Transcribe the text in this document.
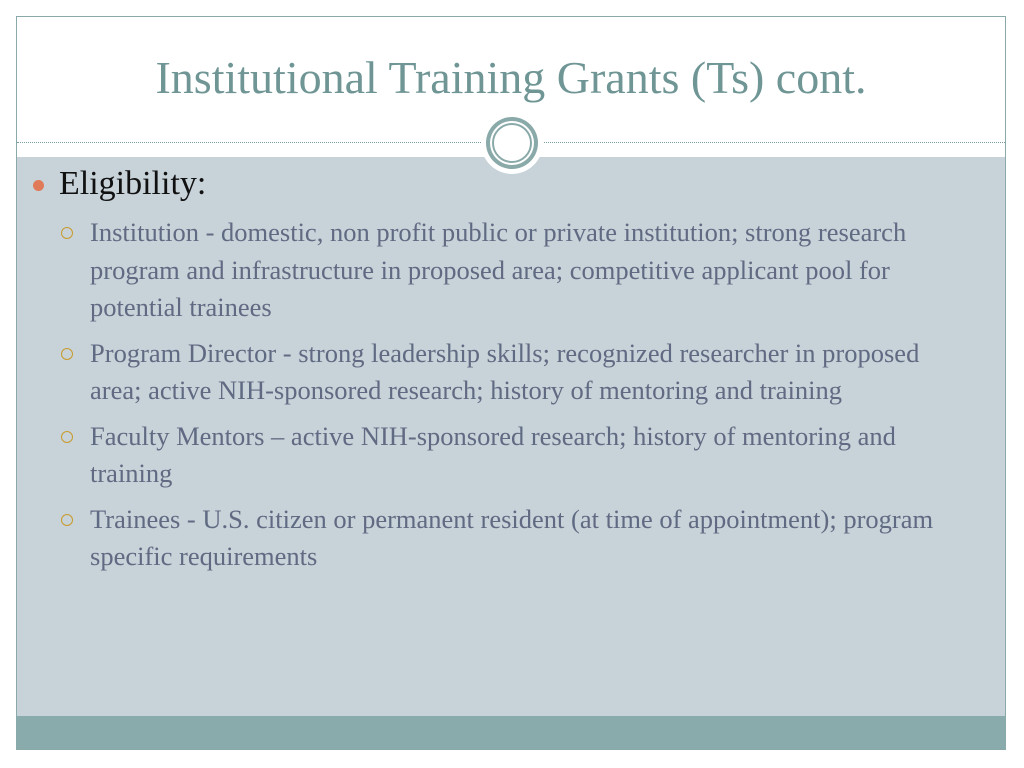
Institutional Training Grants (Ts) cont.
Eligibility:
Institution - domestic, non profit public or private institution; strong research program and infrastructure in proposed area; competitive applicant pool for potential trainees
Program Director - strong leadership skills; recognized researcher in proposed area; active NIH-sponsored research; history of mentoring and training
Faculty Mentors – active NIH-sponsored research; history of mentoring and training
Trainees - U.S. citizen or permanent resident (at time of appointment); program specific requirements
